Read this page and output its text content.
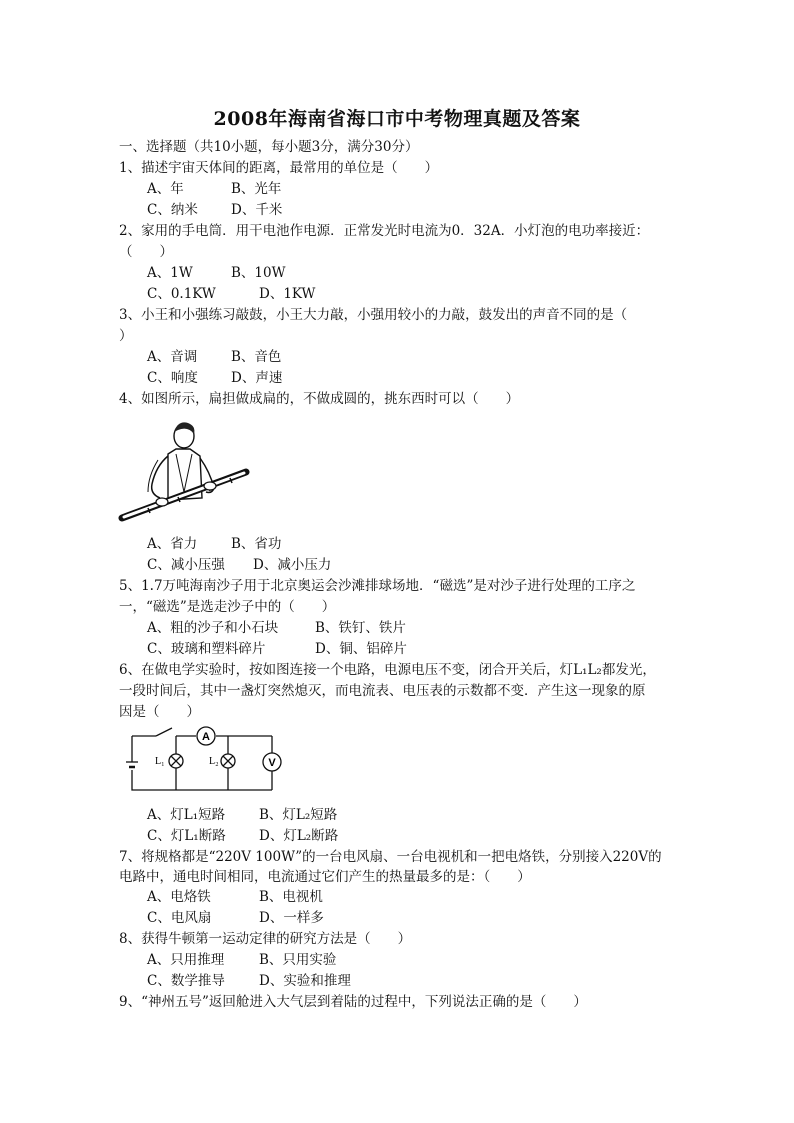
2008年海南省海口市中考物理真题及答案
一、选择题（共10小题，每小题3分，满分30分）
1、描述宇宙天体间的距离，最常用的单位是（　　）
A、年	B、光年
C、纳米 D、千米
2、家用的手电筒．用干电池作电源．正常发光时电流为0．32A．小灯泡的电功率接近：
（　　）
A、1W	B、10W
C、0.1KW	D、1KW
3、小王和小强练习敲鼓，小王大力敲，小强用较小的力敲，鼓发出的声音不同的是（
）
A、音调	B、音色
C、响度 D、声速
4、如图所示，扁担做成扁的，不做成圆的，挑东西时可以（　　）
A、省力	B、省功
C、减小压强 D、减小压力
5、1.7万吨海南沙子用于北京奥运会沙滩排球场地．“磁选”是对沙子进行处理的工序之
一，“磁选”是选走沙子中的（　　）
A、粗的沙子和小石块	B、铁钉、铁片
C、玻璃和塑料碎片	D、铜、铝碎片
6、在做电学实验时，按如图连接一个电路，电源电压不变，闭合开关后，灯L₁L₂都发光，
一段时间后，其中一盏灯突然熄灭，而电流表、电压表的示数都不变．产生这一现象的原
因是（　　）
A
V
L₁	L₂
A、灯L₁短路	B、灯L₂短路
C、灯L₁断路 D、灯L₂断路
7、将规格都是“220V 100W”的一台电风扇、一台电视机和一把电烙铁，分别接入220V的
电路中，通电时间相同，电流通过它们产生的热量最多的是：（　　）
A、电烙铁	B、电视机
C、电风扇	D、一样多
8、获得牛顿第一运动定律的研究方法是（　　）
A、只用推理	B、只用实验
C、数学推导	D、实验和推理
9、“神州五号”返回舱进入大气层到着陆的过程中，下列说法正确的是（　　）
